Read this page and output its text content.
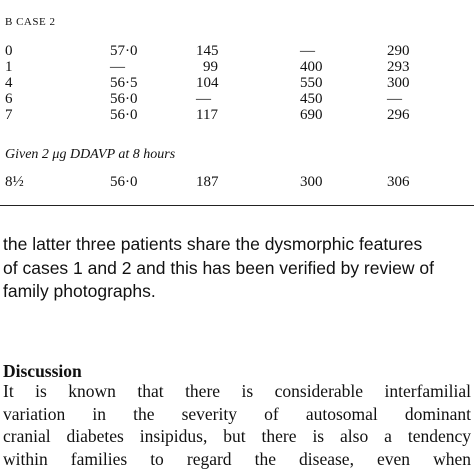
B CASE 2
0	57·0	145	—	290
1	—	99	400	293
4	56·5	104	550	300
6	56·0	—	450	—
7	56·0	117	690	296
Given 2 μg DDAVP at 8 hours
8½	56·0	187	300	306
the latter three patients share the dysmorphic features
of cases 1 and 2 and this has been verified by review of
family photographs.
Discussion
It is known that there is considerable interfamilial
variation in the severity of autosomal dominant
cranial diabetes insipidus, but there is also a tendency
within families to regard the disease, even when
